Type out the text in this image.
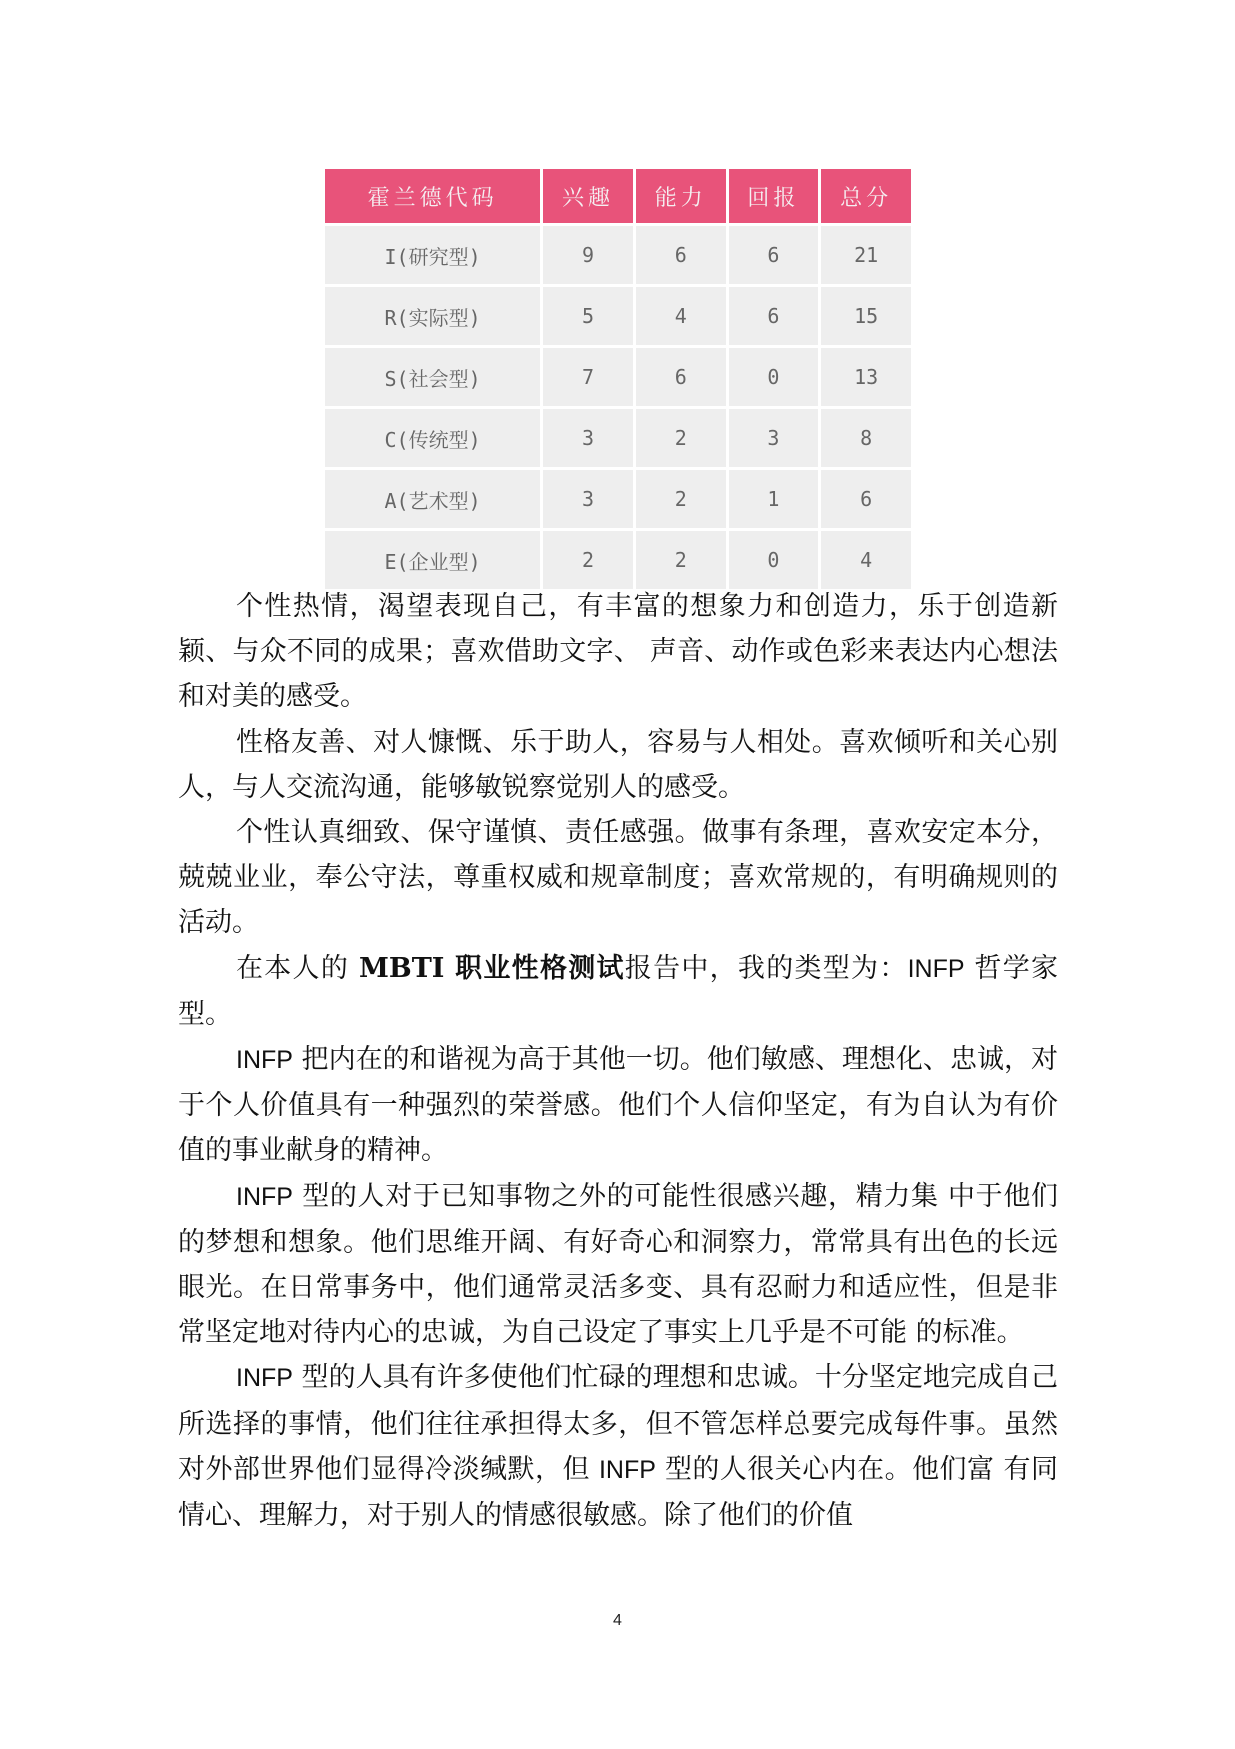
霍兰德代码	兴趣	能力	回报	总分
I(研究型)	9	6	6	21
R(实际型)	5	4	6	15
S(社会型)	7	6	0	13
C(传统型)	3	2	3	8
A(艺术型)	3	2	1	6
E(企业型)	2	2	0	4

个性热情，渴望表现自己，有丰富的想象力和创造力，乐于创造新颖、与众不同的成果；喜欢借助文字、 声音、动作或色彩来表达内心想法和对美的感受。

性格友善、对人慷慨、乐于助人，容易与人相处。喜欢倾听和关心别人，与人交流沟通，能够敏锐察觉别人的感受。

个性认真细致、保守谨慎、责任感强。做事有条理，喜欢安定本分，兢兢业业，奉公守法，尊重权威和规章制度；喜欢常规的，有明确规则的活动。

在本人的 MBTI 职业性格测试报告中，我的类型为：INFP 哲学家型。

INFP 把内在的和谐视为高于其他一切。他们敏感、理想化、忠诚，对于个人价值具有一种强烈的荣誉感。他们个人信仰坚定，有为自认为有价值的事业献身的精神。

INFP 型的人对于已知事物之外的可能性很感兴趣，精力集 中于他们的梦想和想象。他们思维开阔、有好奇心和洞察力，常常具有出色的长远眼光。在日常事务中，他们通常灵活多变、具有忍耐力和适应性，但是非常坚定地对待内心的忠诚，为自己设定了事实上几乎是不可能 的标准。

INFP 型的人具有许多使他们忙碌的理想和忠诚。十分坚定地完成自己所选择的事情，他们往往承担得太多，但不管怎样总要完成每件事。虽然对外部世界他们显得冷淡缄默，但 INFP 型的人很关心内在。他们富 有同情心、理解力，对于别人的情感很敏感。除了他们的价值

4
